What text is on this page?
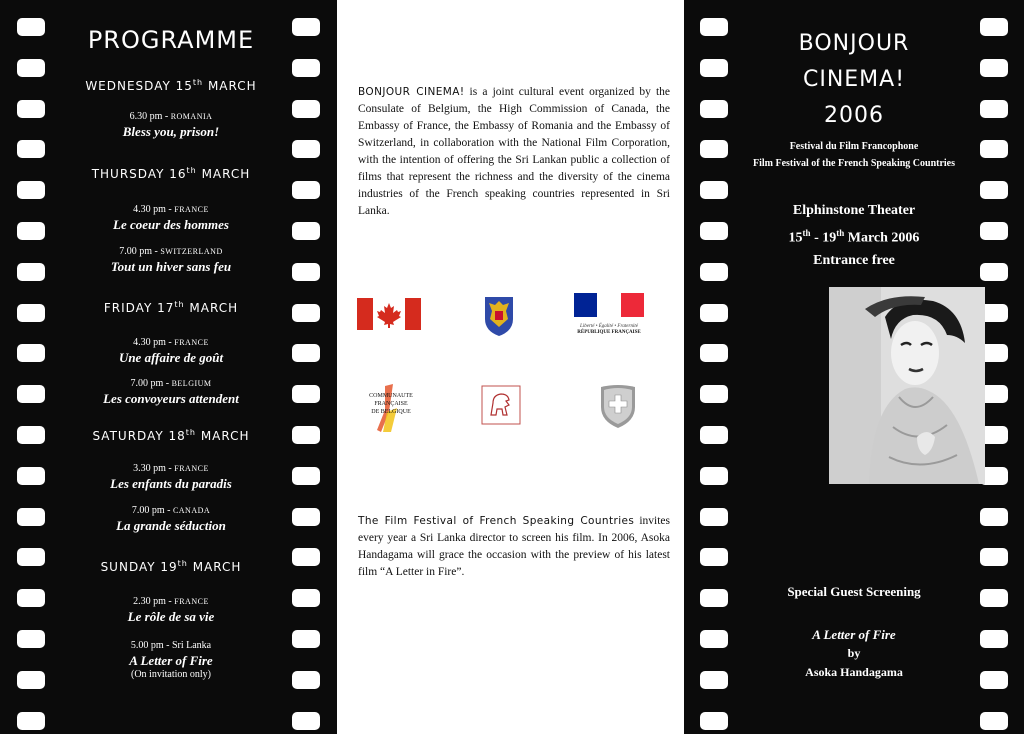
PROGRAMME
WEDNESDAY 15th MARCH
6.30 pm - ROMANIA
Bless you, prison!
THURSDAY 16th MARCH
4.30 pm - FRANCE
Le coeur des hommes
7.00 pm - SWITZERLAND
Tout un hiver sans feu
FRIDAY 17th MARCH
4.30 pm - FRANCE
Une affaire de goût
7.00 pm - BELGIUM
Les convoyeurs attendent
SATURDAY 18th MARCH
3.30 pm - FRANCE
Les enfants du paradis
7.00 pm - CANADA
La grande séduction
SUNDAY 19th MARCH
2.30 pm - FRANCE
Le rôle de sa vie
5.00 pm - Sri Lanka
A Letter of Fire
(On invitation only)

BONJOUR CINEMA! is a joint cultural event organized by the Consulate of Belgium, the High Commission of Canada, the Embassy of France, the Embassy of Romania and the Embassy of Switzerland, in collaboration with the National Film Corporation, with the intention of offering the Sri Lankan public a collection of films that represent the richness and the diversity of the cinema industries of the French speaking countries represented in Sri Lanka.

Liberté • Égalité • Fraternité
RÉPUBLIQUE FRANÇAISE
COMMUNAUTE
FRANÇAISE
DE BELGIQUE

The Film Festival of French Speaking Countries invites every year a Sri Lanka director to screen his film. In 2006, Asoka Handagama will grace the occasion with the preview of his latest film “A Letter in Fire”.

BONJOUR
CINEMA!
2006
Festival du Film Francophone
Film Festival of the French Speaking Countries
Elphinstone Theater
15th - 19th March 2006
Entrance free
Special Guest Screening
A Letter of Fire
by
Asoka Handagama
